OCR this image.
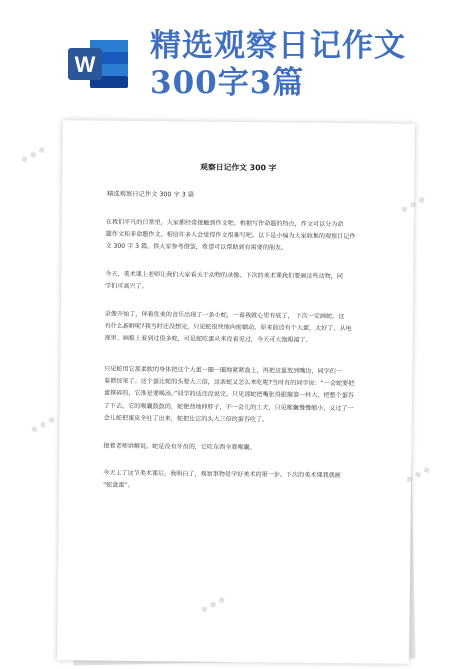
W
精选观察日记作文
300字3篇
观察日记作文 300 字
精选观察日记作文 300 字 3 篇
在我们平凡的日常里，大家都经常接触到作文吧。根据写作命题的特点，作文可以分为命
题作文和非命题作文。相信许多人会觉得作文很难写吧。以下是小编为大家收集的观察日记作
文 300 字 3 篇，供大家参考借鉴，希望可以帮助到有需要的朋友。
今天，美术课上老师让我们大家看关于动物的录像，下次的美术课我们要画这些动物，同
学们可高兴了。
录像开始了，伴着优美的音乐出现了一条小蛇，一看我就心里有底了， 下次一定画蛇。这
有什么新鲜呢?我当时还没想完，只见蛇很快地向前蠕动，原来前边有个大蛋，太好了，从电
视里、画报上看到过很多蛇，可是蛇吃蛋从来没看见过，今天可大饱眼福了。
只见蛇用它那柔软的身体把这个大蛋一圈一圈地紧紧盘上，再把这蛋放到嘴边，同学们一
看都惊呆了。这个蛋比蛇的头要大三倍，这条蛇又怎么来吃呢?当时有的同学说：“一会蛇要把
蛋撑碎的，它准是要喝汤。”同学的话还没说完，只见那蛇把嘴张得跟簸箕一样大，把整个蛋吞
了下去，它的喉囊鼓鼓的，蛇使劲地伸脖子，不一会儿的工夫，只见喉囊慢慢缩小，又过了一
会儿蛇把蛋皮全吐了出来，蛇把比它的头大三倍的蛋吞吃了。
接着老师讲解说，蛇是没有牙齿的，它吃东西全靠喉囊。
今天上了这节美术课后，我明白了，观察事物是学好美术的第一步。下次的美术课我就画
“蛇盘蛋”。
◆ ◆ ◆
◆ ◆ ◆
◆ ◆ ◆
◆ ◆ ◆
◆ ◆ ◆
